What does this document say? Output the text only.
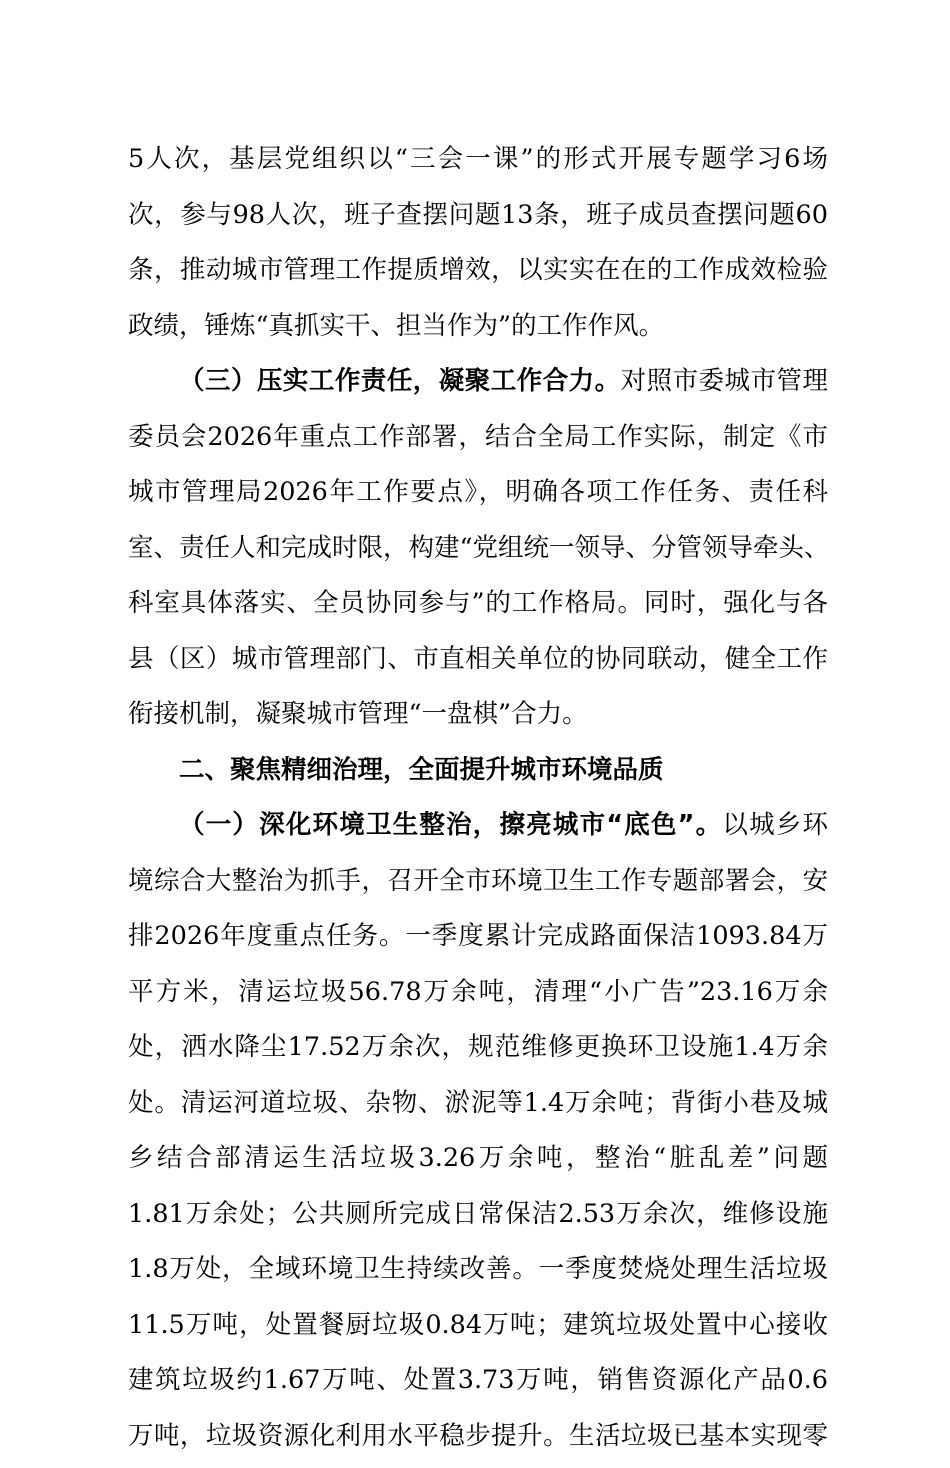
5人次，基层党组织以“三会一课”的形式开展专题学习6场
次，参与98人次，班子查摆问题13条，班子成员查摆问题60
条，推动城市管理工作提质增效，以实实在在的工作成效检验
政绩，锤炼“真抓实干、担当作为”的工作作风。
（三）压实工作责任，凝聚工作合力。对照市委城市管理
委员会2026年重点工作部署，结合全局工作实际，制定《市
城市管理局2026年工作要点》，明确各项工作任务、责任科
室、责任人和完成时限，构建“党组统一领导、分管领导牵头、
科室具体落实、全员协同参与”的工作格局。同时，强化与各
县（区）城市管理部门、市直相关单位的协同联动，健全工作
衔接机制，凝聚城市管理“一盘棋”合力。
二、聚焦精细治理，全面提升城市环境品质
（一）深化环境卫生整治，擦亮城市“底色”。以城乡环
境综合大整治为抓手，召开全市环境卫生工作专题部署会，安
排2026年度重点任务。一季度累计完成路面保洁1093.84万
平方米，清运垃圾56.78万余吨，清理“小广告”23.16万余
处，洒水降尘17.52万余次，规范维修更换环卫设施1.4万余
处。清运河道垃圾、杂物、淤泥等1.4万余吨；背街小巷及城
乡结合部清运生活垃圾3.26万余吨，整治“脏乱差”问题
1.81万余处；公共厕所完成日常保洁2.53万余次，维修设施
1.8万处，全域环境卫生持续改善。一季度焚烧处理生活垃圾
11.5万吨，处置餐厨垃圾0.84万吨；建筑垃圾处置中心接收
建筑垃圾约1.67万吨、处置3.73万吨，销售资源化产品0.6
万吨，垃圾资源化利用水平稳步提升。生活垃圾已基本实现零
